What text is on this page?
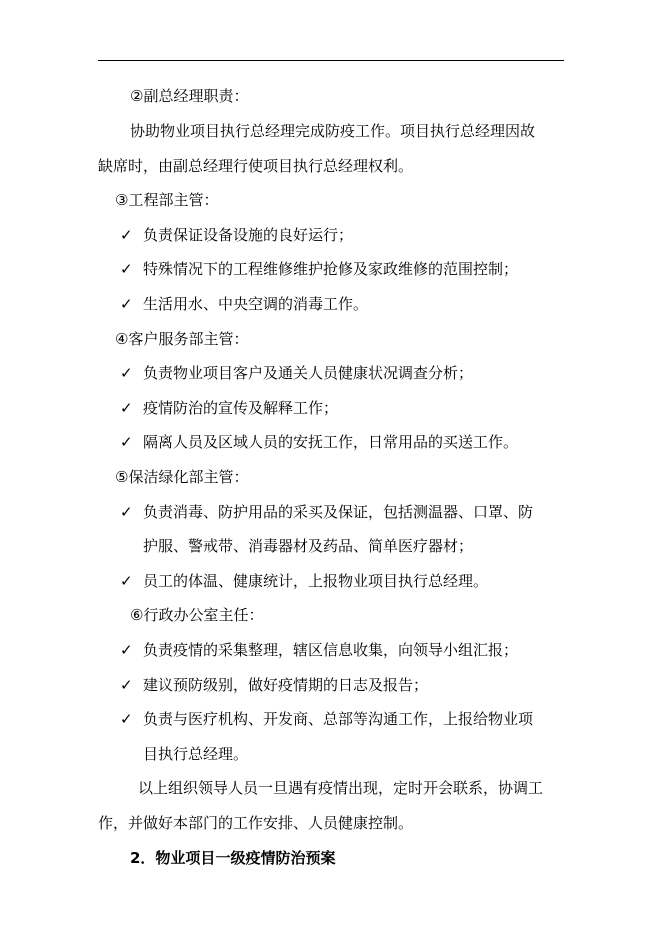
②副总经理职责：
协助物业项目执行总经理完成防疫工作。项目执行总经理因故
缺席时，由副总经理行使项目执行总经理权利。
③工程部主管：
✓ 负责保证设备设施的良好运行；
✓ 特殊情况下的工程维修维护抢修及家政维修的范围控制；
✓ 生活用水、中央空调的消毒工作。
④客户服务部主管：
✓ 负责物业项目客户及通关人员健康状况调查分析；
✓ 疫情防治的宣传及解释工作；
✓ 隔离人员及区域人员的安抚工作，日常用品的买送工作。
⑤保洁绿化部主管：
✓ 负责消毒、防护用品的采买及保证，包括测温器、口罩、防
护服、警戒带、消毒器材及药品、简单医疗器材；
✓ 员工的体温、健康统计，上报物业项目执行总经理。
⑥行政办公室主任：
✓ 负责疫情的采集整理，辖区信息收集，向领导小组汇报；
✓ 建议预防级别，做好疫情期的日志及报告；
✓ 负责与医疗机构、开发商、总部等沟通工作，上报给物业项
目执行总经理。
以上组织领导人员一旦遇有疫情出现，定时开会联系，协调工
作，并做好本部门的工作安排、人员健康控制。
2．物业项目一级疫情防治预案
